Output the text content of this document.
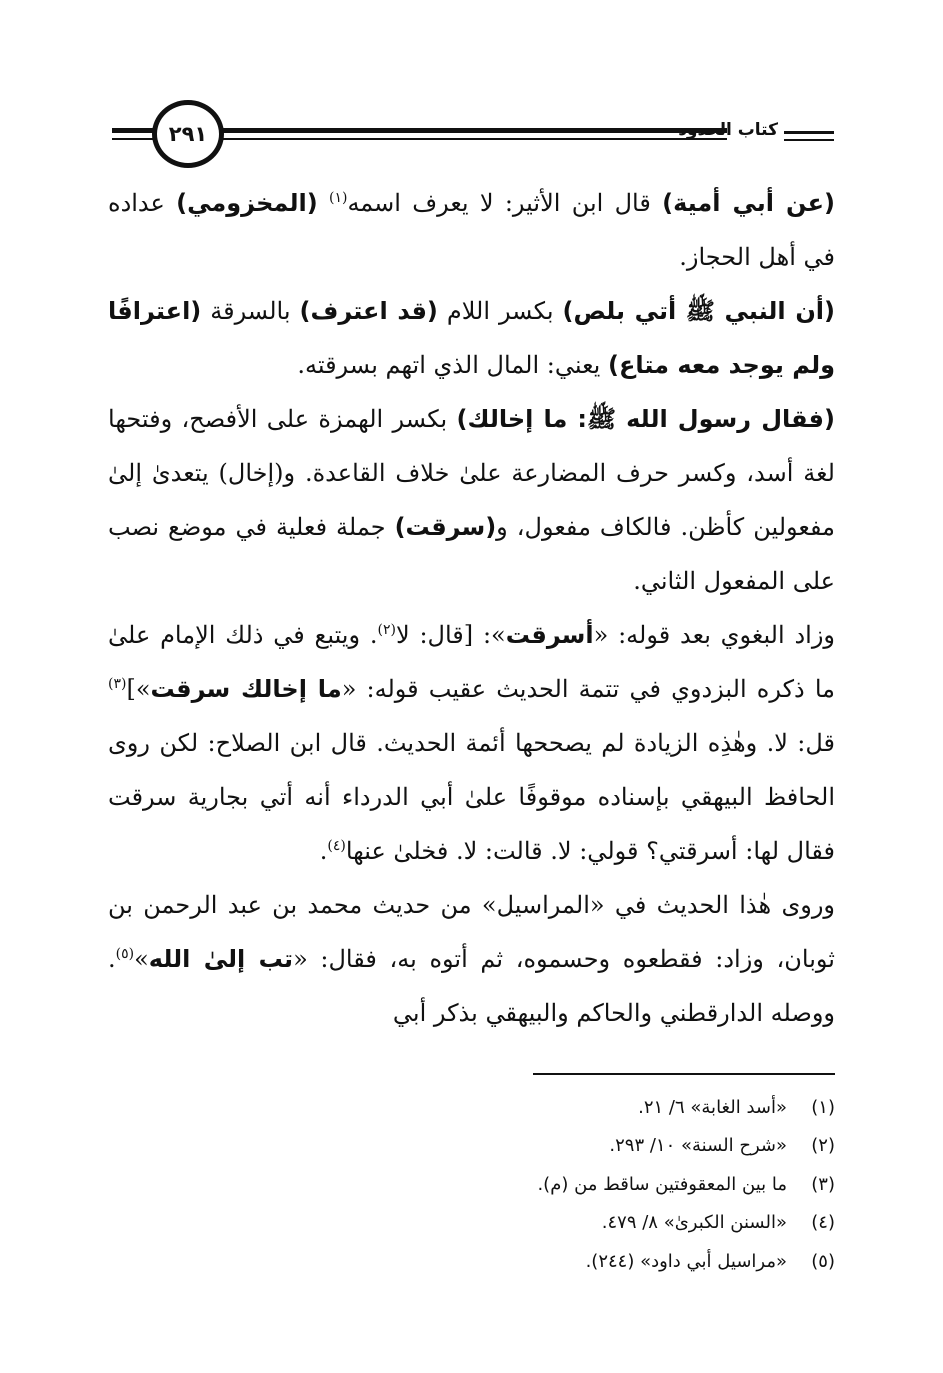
٢٩١	كتاب الحدود

(عن أبي أمية) قال ابن الأثير: لا يعرف اسمه$^{(١)}$ (المخزومي) عداده في أهل الحجاز.

(أن النبي ﷺ أتي بلص) بكسر اللام (قد اعترف) بالسرقة (اعترافًا ولم يوجد معه متاع) يعني: المال الذي اتهم بسرقته.

(فقال رسول الله ﷺ: ما إخالك) بكسر الهمزة على الأفصح، وفتحها لغة أسد، وكسر حرف المضارعة علىٰ خلاف القاعدة. و(إخال) يتعدىٰ إلىٰ مفعولين كأظن. فالكاف مفعول، و(سرقت) جملة فعلية في موضع نصب على المفعول الثاني.

وزاد البغوي بعد قوله: «أسرقت»: [قال: لا$^{(٢)}$. ويتبع في ذلك الإمام علىٰ ما ذكره البزدوي في تتمة الحديث عقيب قوله: «ما إخالك سرقت»]$^{(٣)}$ قل: لا. وهٰذِه الزيادة لم يصححها أئمة الحديث. قال ابن الصلاح: لكن روى الحافظ البيهقي بإسناده موقوفًا علىٰ أبي الدرداء أنه أتي بجارية سرقت فقال لها: أسرقتي؟ قولي: لا. قالت: لا. فخلىٰ عنها$^{(٤)}$.

وروى هٰذا الحديث في «المراسيل» من حديث محمد بن عبد الرحمن بن ثوبان، وزاد: فقطعوه وحسموه، ثم أتوه به، فقال: «تب إلىٰ الله»$^{(٥)}$. ووصله الدارقطني والحاكم والبيهقي بذكر أبي

(١)
«أسد الغابة» ٦/ ٢١.
(٢)
«شرح السنة» ١٠/ ٢٩٣.
(٣)
ما بين المعقوفتين ساقط من (م).
(٤)
«السنن الكبرىٰ» ٨/ ٤٧٩.
(٥)
«مراسيل أبي داود» (٢٤٤).
